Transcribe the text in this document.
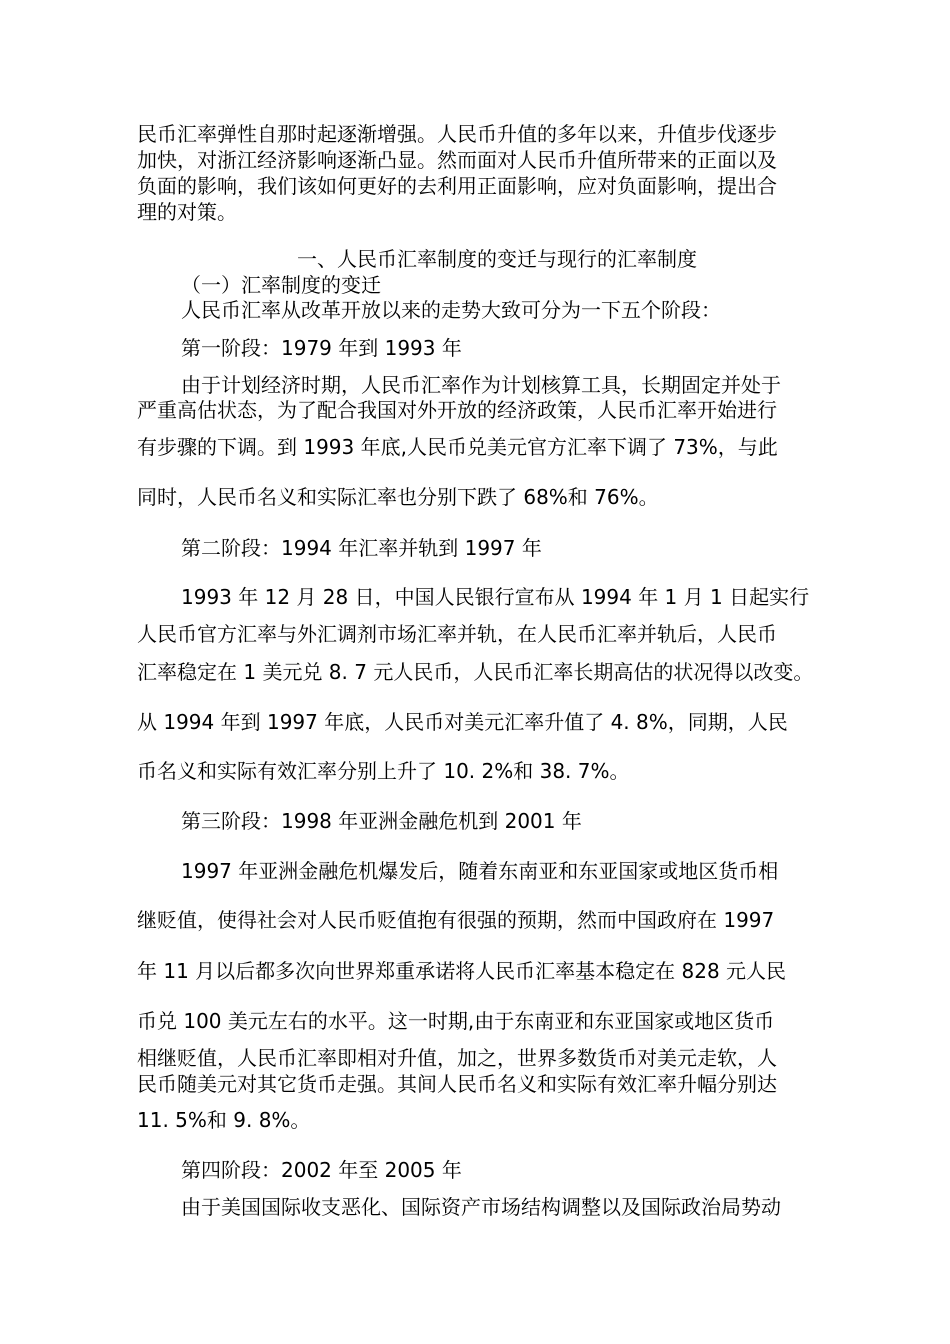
民币汇率弹性自那时起逐渐增强。人民币升值的多年以来，升值步伐逐步

加快，对浙江经济影响逐渐凸显。然而面对人民币升值所带来的正面以及

负面的影响，我们该如何更好的去利用正面影响，应对负面影响，提出合

理的对策。

一、人民币汇率制度的变迁与现行的汇率制度

（一）汇率制度的变迁

人民币汇率从改革开放以来的走势大致可分为一下五个阶段：

第一阶段：1979 年到 1993 年

由于计划经济时期，人民币汇率作为计划核算工具，长期固定并处于

严重高估状态，为了配合我国对外开放的经济政策，人民币汇率开始进行

有步骤的下调。到 1993 年底,人民币兑美元官方汇率下调了 73%，与此

同时，人民币名义和实际汇率也分别下跌了 68%和 76%。

第二阶段：1994 年汇率并轨到 1997 年

1993 年 12 月 28 日，中国人民银行宣布从 1994 年 1 月 1 日起实行

人民币官方汇率与外汇调剂市场汇率并轨，在人民币汇率并轨后，人民币

汇率稳定在 1 美元兑 8. 7 元人民币，人民币汇率长期高估的状况得以改变。

从 1994 年到 1997 年底，人民币对美元汇率升值了 4. 8%，同期，人民

币名义和实际有效汇率分别上升了 10. 2%和 38. 7%。

第三阶段：1998 年亚洲金融危机到 2001 年

1997 年亚洲金融危机爆发后，随着东南亚和东亚国家或地区货币相

继贬值，使得社会对人民币贬值抱有很强的预期，然而中国政府在 1997

年 11 月以后都多次向世界郑重承诺将人民币汇率基本稳定在 828 元人民

币兑 100 美元左右的水平。这一时期,由于东南亚和东亚国家或地区货币

相继贬值，人民币汇率即相对升值，加之，世界多数货币对美元走软，人

民币随美元对其它货币走强。其间人民币名义和实际有效汇率升幅分别达

11. 5%和 9. 8%。

第四阶段：2002 年至 2005 年

由于美国国际收支恶化、国际资产市场结构调整以及国际政治局势动
